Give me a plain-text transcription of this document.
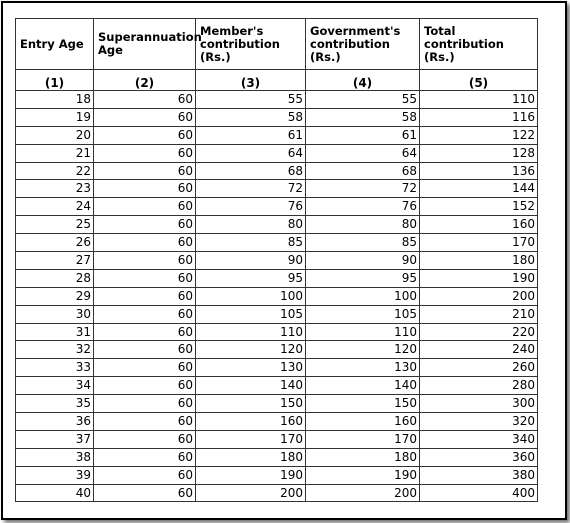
Entry Age	Superannuation Age	Member's contribution (Rs.)	Government's contribution (Rs.)	Total contribution (Rs.)
(1)	(2)	(3)	(4)	(5)
18	60	55	55	110
19	60	58	58	116
20	60	61	61	122
21	60	64	64	128
22	60	68	68	136
23	60	72	72	144
24	60	76	76	152
25	60	80	80	160
26	60	85	85	170
27	60	90	90	180
28	60	95	95	190
29	60	100	100	200
30	60	105	105	210
31	60	110	110	220
32	60	120	120	240
33	60	130	130	260
34	60	140	140	280
35	60	150	150	300
36	60	160	160	320
37	60	170	170	340
38	60	180	180	360
39	60	190	190	380
40	60	200	200	400
